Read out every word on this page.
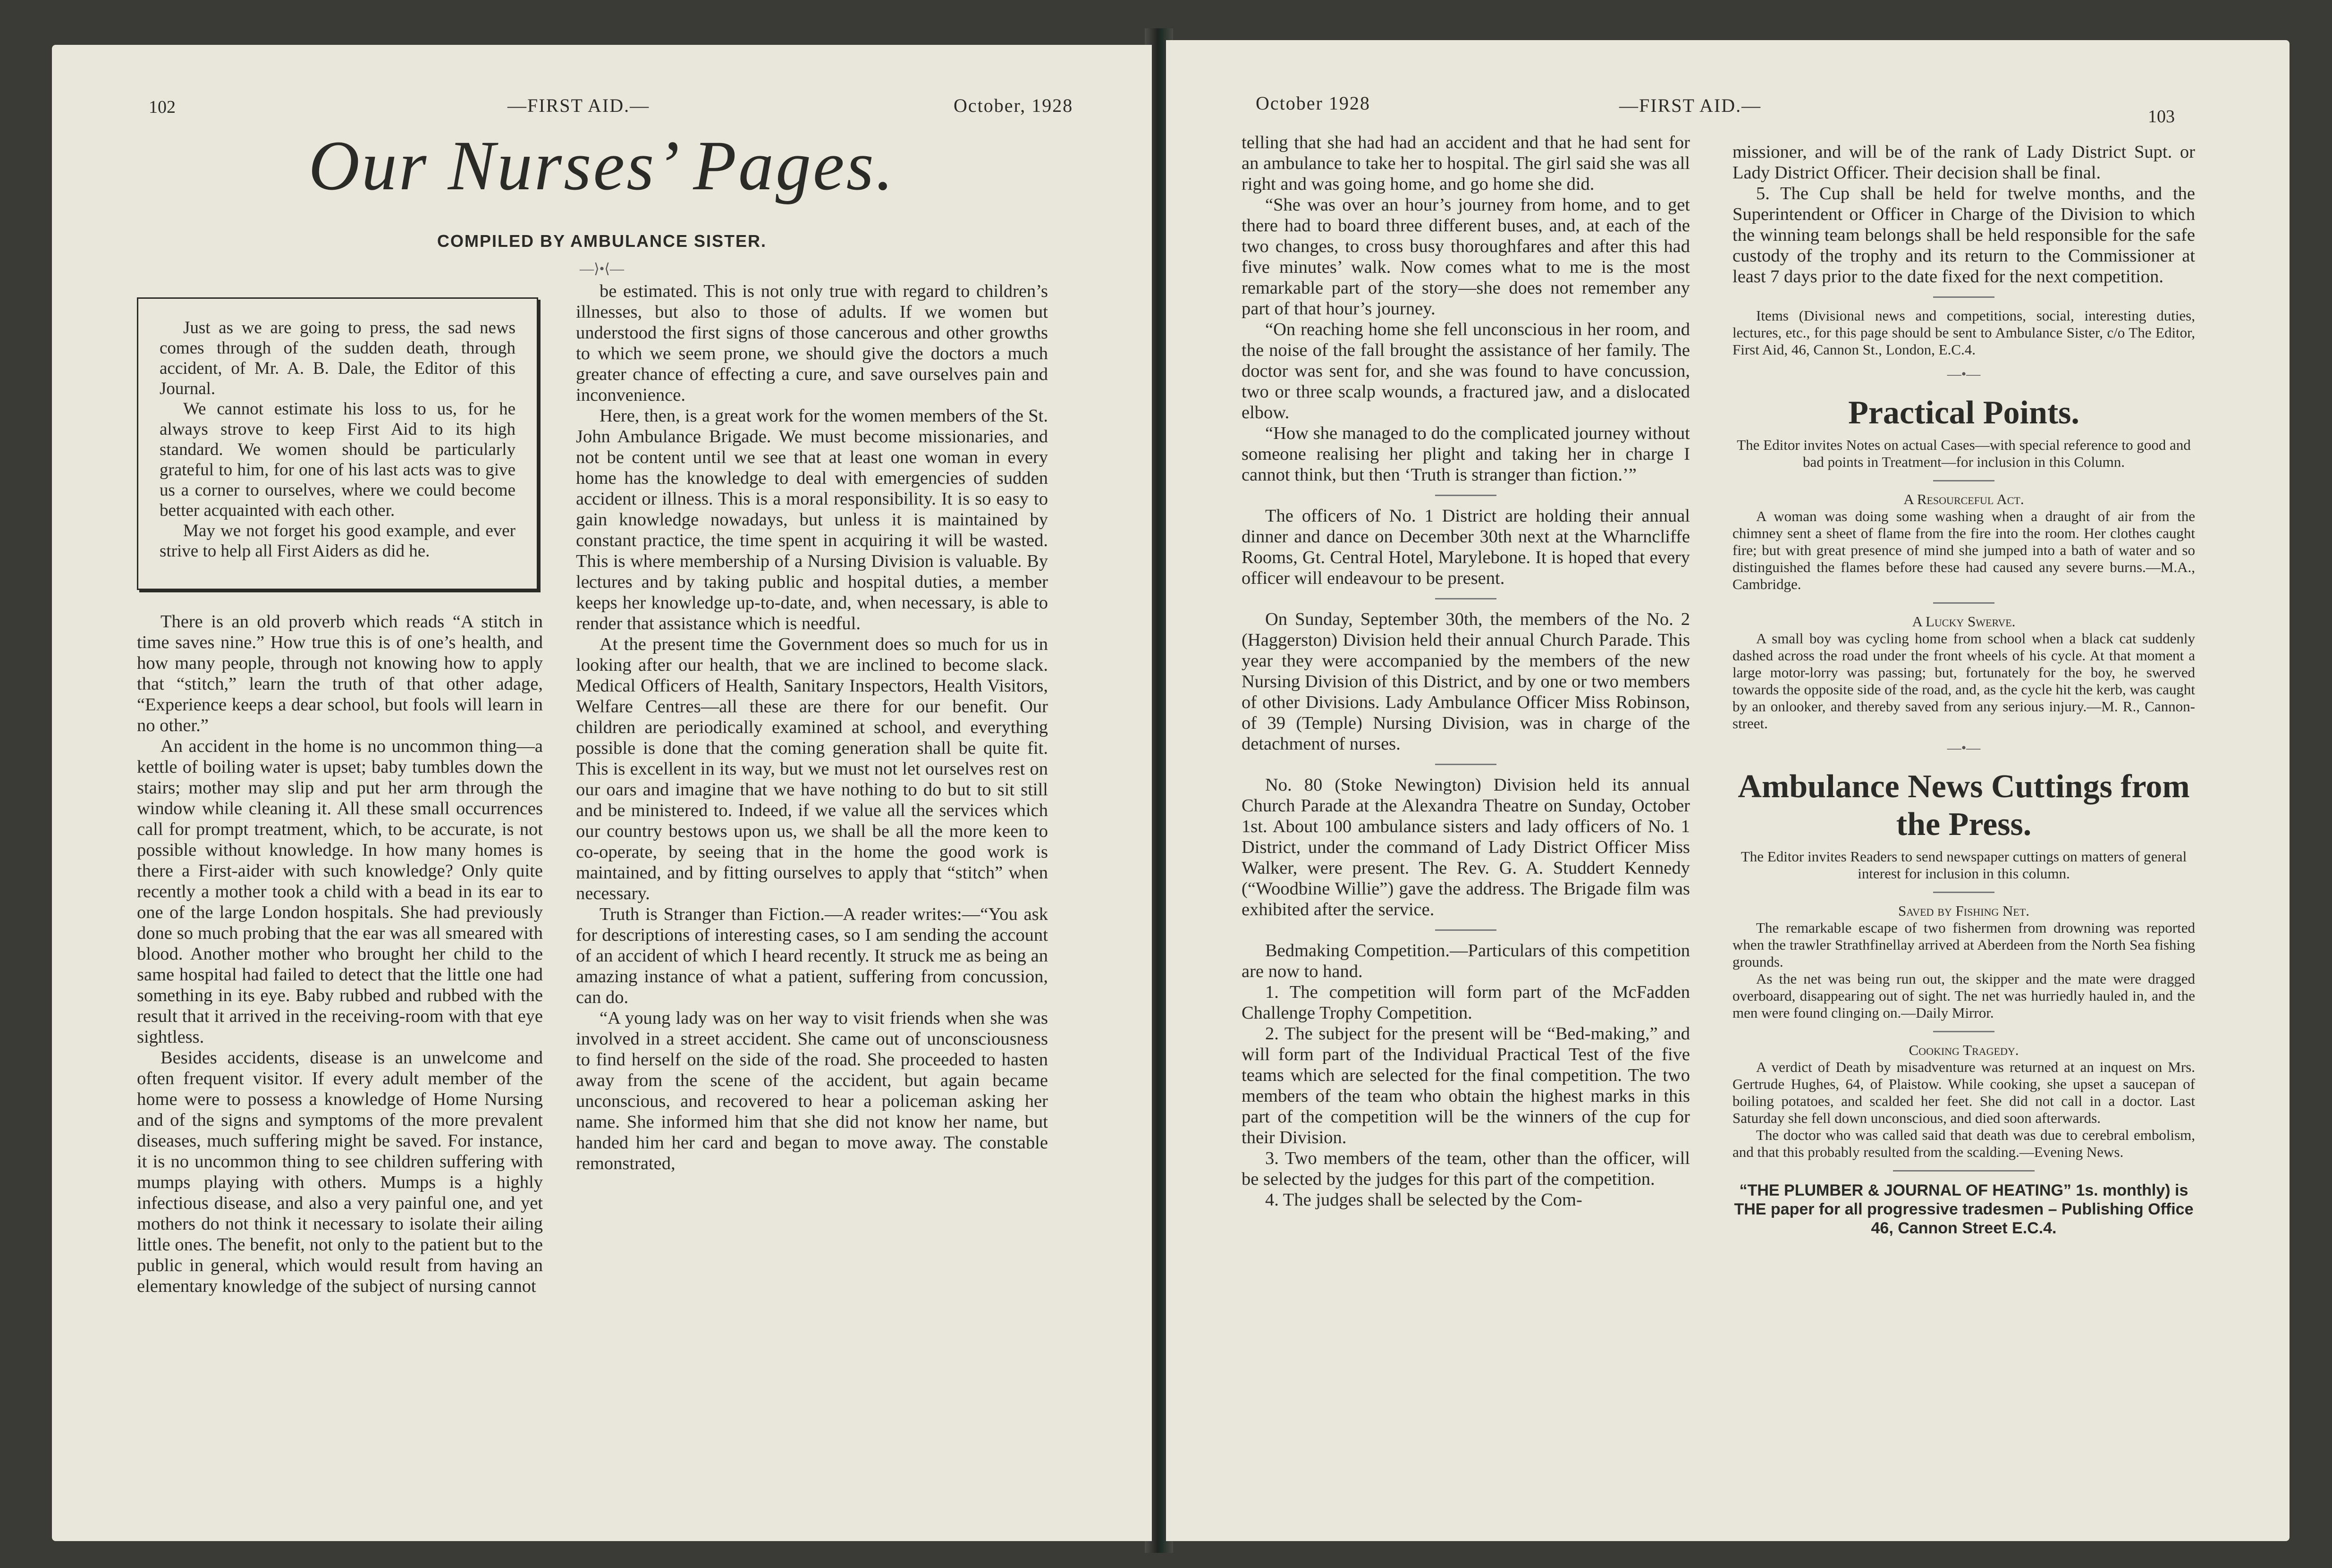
102	—FIRST AID.—	October, 1928
Our Nurses’ Pages.
COMPILED BY AMBULANCE SISTER.
—⟩•⟨—

Just as we are going to press, the sad news comes through of the sudden death, through accident, of Mr. A. B. Dale, the Editor of this Journal.

We cannot estimate his loss to us, for he always strove to keep First Aid to its high standard. We women should be particularly grateful to him, for one of his last acts was to give us a corner to ourselves, where we could become better acquainted with each other.

May we not forget his good example, and ever strive to help all First Aiders as did he.

There is an old proverb which reads “A stitch in time saves nine.” How true this is of one’s health, and how many people, through not knowing how to apply that “stitch,” learn the truth of that other adage, “Experience keeps a dear school, but fools will learn in no other.”

An accident in the home is no uncommon thing—a kettle of boiling water is upset; baby tumbles down the stairs; mother may slip and put her arm through the window while cleaning it. All these small occurrences call for prompt treatment, which, to be accurate, is not possible without knowledge. In how many homes is there a First-aider with such knowledge? Only quite recently a mother took a child with a bead in its ear to one of the large London hospitals. She had previously done so much probing that the ear was all smeared with blood. Another mother who brought her child to the same hospital had failed to detect that the little one had something in its eye. Baby rubbed and rubbed with the result that it arrived in the receiving-room with that eye sightless.

Besides accidents, disease is an unwelcome and often frequent visitor. If every adult member of the home were to possess a knowledge of Home Nursing and of the signs and symptoms of the more prevalent diseases, much suffering might be saved. For instance, it is no uncommon thing to see children suffering with mumps playing with others. Mumps is a highly infectious disease, and also a very painful one, and yet mothers do not think it necessary to isolate their ailing little ones. The benefit, not only to the patient but to the public in general, which would result from having an elementary knowledge of the subject of nursing cannot

be estimated. This is not only true with regard to children’s illnesses, but also to those of adults. If we women but understood the first signs of those cancerous and other growths to which we seem prone, we should give the doctors a much greater chance of effecting a cure, and save ourselves pain and inconvenience.

Here, then, is a great work for the women members of the St. John Ambulance Brigade. We must become missionaries, and not be content until we see that at least one woman in every home has the knowledge to deal with emergencies of sudden accident or illness. This is a moral responsibility. It is so easy to gain knowledge nowadays, but unless it is maintained by constant practice, the time spent in acquiring it will be wasted. This is where membership of a Nursing Division is valuable. By lectures and by taking public and hospital duties, a member keeps her knowledge up-to-date, and, when necessary, is able to render that assistance which is needful.

At the present time the Government does so much for us in looking after our health, that we are inclined to become slack. Medical Officers of Health, Sanitary Inspectors, Health Visitors, Welfare Centres—all these are there for our benefit. Our children are periodically examined at school, and everything possible is done that the coming generation shall be quite fit. This is excellent in its way, but we must not let ourselves rest on our oars and imagine that we have nothing to do but to sit still and be ministered to. Indeed, if we value all the services which our country bestows upon us, we shall be all the more keen to co-operate, by seeing that in the home the good work is maintained, and by fitting ourselves to apply that “stitch” when necessary.

Truth is Stranger than Fiction.—A reader writes:—“You ask for descriptions of interesting cases, so I am sending the account of an accident of which I heard recently. It struck me as being an amazing instance of what a patient, suffering from concussion, can do.

“A young lady was on her way to visit friends when she was involved in a street accident. She came out of unconsciousness to find herself on the side of the road. She proceeded to hasten away from the scene of the accident, but again became unconscious, and recovered to hear a policeman asking her name. She informed him that she did not know her name, but handed him her card and began to move away. The constable remonstrated,

October 1928	—FIRST AID.—
103

telling that she had had an accident and that he had sent for an ambulance to take her to hospital. The girl said she was all right and was going home, and go home she did.

“She was over an hour’s journey from home, and to get there had to board three different buses, and, at each of the two changes, to cross busy thoroughfares and after this had five minutes’ walk. Now comes what to me is the most remarkable part of the story—she does not remember any part of that hour’s journey.

“On reaching home she fell unconscious in her room, and the noise of the fall brought the assistance of her family. The doctor was sent for, and she was found to have concussion, two or three scalp wounds, a fractured jaw, and a dislocated elbow.

“How she managed to do the complicated journey without someone realising her plight and taking her in charge I cannot think, but then ‘Truth is stranger than fiction.’”

The officers of No. 1 District are holding their annual dinner and dance on December 30th next at the Wharncliffe Rooms, Gt. Central Hotel, Marylebone. It is hoped that every officer will endeavour to be present.

On Sunday, September 30th, the members of the No. 2 (Haggerston) Division held their annual Church Parade. This year they were accompanied by the members of the new Nursing Division of this District, and by one or two members of other Divisions. Lady Ambulance Officer Miss Robinson, of 39 (Temple) Nursing Division, was in charge of the detachment of nurses.

No. 80 (Stoke Newington) Division held its annual Church Parade at the Alexandra Theatre on Sunday, October 1st. About 100 ambulance sisters and lady officers of No. 1 District, under the command of Lady District Officer Miss Walker, were present. The Rev. G. A. Studdert Kennedy (“Woodbine Willie”) gave the address. The Brigade film was exhibited after the service.

Bedmaking Competition.—Particulars of this competition are now to hand.

1. The competition will form part of the McFadden Challenge Trophy Competition.

2. The subject for the present will be “Bed-making,” and will form part of the Individual Practical Test of the five teams which are selected for the final competition. The two members of the team who obtain the highest marks in this part of the competition will be the winners of the cup for their Division.

3. Two members of the team, other than the officer, will be selected by the judges for this part of the competition.

4. The judges shall be selected by the Com-

missioner, and will be of the rank of Lady District Supt. or Lady District Officer. Their decision shall be final.

5. The Cup shall be held for twelve months, and the Superintendent or Officer in Charge of the Division to which the winning team belongs shall be held responsible for the safe custody of the trophy and its return to the Commissioner at least 7 days prior to the date fixed for the next competition.

Items (Divisional news and competitions, social, interesting duties, lectures, etc., for this page should be sent to Ambulance Sister, c/o The Editor, First Aid, 46, Cannon St., London, E.C.4.

—•—
Practical Points.

The Editor invites Notes on actual Cases—with special reference to good and bad points in Treatment—for inclusion in this Column.

A Resourceful Act.

A woman was doing some washing when a draught of air from the chimney sent a sheet of flame from the fire into the room. Her clothes caught fire; but with great presence of mind she jumped into a bath of water and so distinguished the flames before these had caused any severe burns.—M.A., Cambridge.

A Lucky Swerve.

A small boy was cycling home from school when a black cat suddenly dashed across the road under the front wheels of his cycle. At that moment a large motor-lorry was passing; but, fortunately for the boy, he swerved towards the opposite side of the road, and, as the cycle hit the kerb, was caught by an onlooker, and thereby saved from any serious injury.—M. R., Cannon-street.

—•—
Ambulance News Cuttings from the Press.

The Editor invites Readers to send newspaper cuttings on matters of general interest for inclusion in this column.

Saved by Fishing Net.

The remarkable escape of two fishermen from drowning was reported when the trawler Strathfinellay arrived at Aberdeen from the North Sea fishing grounds.

As the net was being run out, the skipper and the mate were dragged overboard, disappearing out of sight. The net was hurriedly hauled in, and the men were found clinging on.—Daily Mirror.

Cooking Tragedy.

A verdict of Death by misadventure was returned at an inquest on Mrs. Gertrude Hughes, 64, of Plaistow. While cooking, she upset a saucepan of boiling potatoes, and scalded her feet. She did not call in a doctor. Last Saturday she fell down unconscious, and died soon afterwards.

The doctor who was called said that death was due to cerebral embolism, and that this probably resulted from the scalding.—Evening News.

“THE PLUMBER & JOURNAL OF HEATING” 1s. monthly) is THE paper for all progressive tradesmen – Publishing Office 46, Cannon Street E.C.4.
